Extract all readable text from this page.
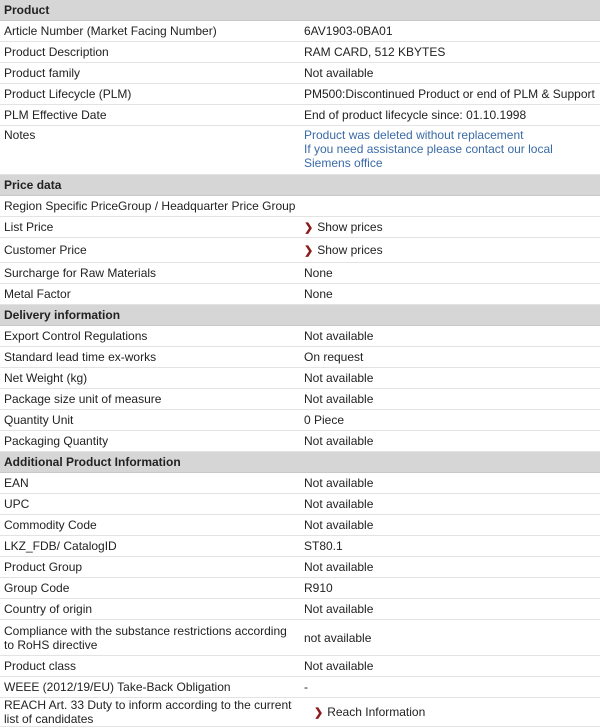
Product	
Article Number (Market Facing Number)	6AV1903-0BA01
Product Description	RAM CARD, 512 KBYTES
Product family	Not available
Product Lifecycle (PLM)	PM500:Discontinued Product or end of PLM & Support
PLM Effective Date	End of product lifecycle since: 01.10.1998
Notes	Product was deleted without replacement
If you need assistance please contact our local
Siemens office

Price data	
Region Specific PriceGroup / Headquarter Price Group	
List Price	❯ Show prices
Customer Price	❯ Show prices
Surcharge for Raw Materials	None
Metal Factor	None
Delivery information	
Export Control Regulations	Not available
Standard lead time ex-works	On request
Net Weight (kg)	Not available
Package size unit of measure	Not available
Quantity Unit	0 Piece
Packaging Quantity	Not available
Additional Product Information	
EAN	Not available
UPC	Not available
Commodity Code	Not available
LKZ_FDB/ CatalogID	ST80.1
Product Group	Not available
Group Code	R910
Country of origin	Not available
Compliance with the substance restrictions according to RoHS directive	not available
Product class	Not available
WEEE (2012/19/EU) Take-Back Obligation	-
REACH Art. 33 Duty to inform according to the current list of candidates	❯ Reach Information
